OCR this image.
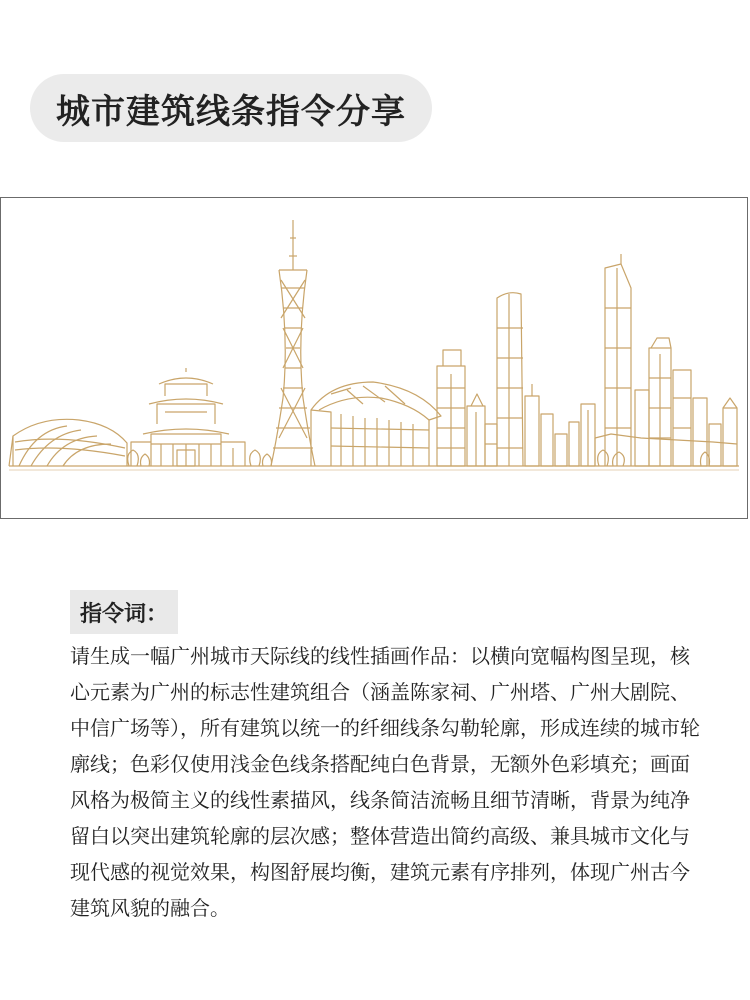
城市建筑线条指令分享
指令词：
请生成一幅广州城市天际线的线性插画作品：以横向宽幅构图呈现，核心元素为广州的标志性建筑组合（涵盖陈家祠、广州塔、广州大剧院、中信广场等），所有建筑以统一的纤细线条勾勒轮廓，形成连续的城市轮廓线；色彩仅使用浅金色线条搭配纯白色背景，无额外色彩填充；画面风格为极简主义的线性素描风，线条简洁流畅且细节清晰，背景为纯净留白以突出建筑轮廓的层次感；整体营造出简约高级、兼具城市文化与现代感的视觉效果，构图舒展均衡，建筑元素有序排列，体现广州古今建筑风貌的融合。
